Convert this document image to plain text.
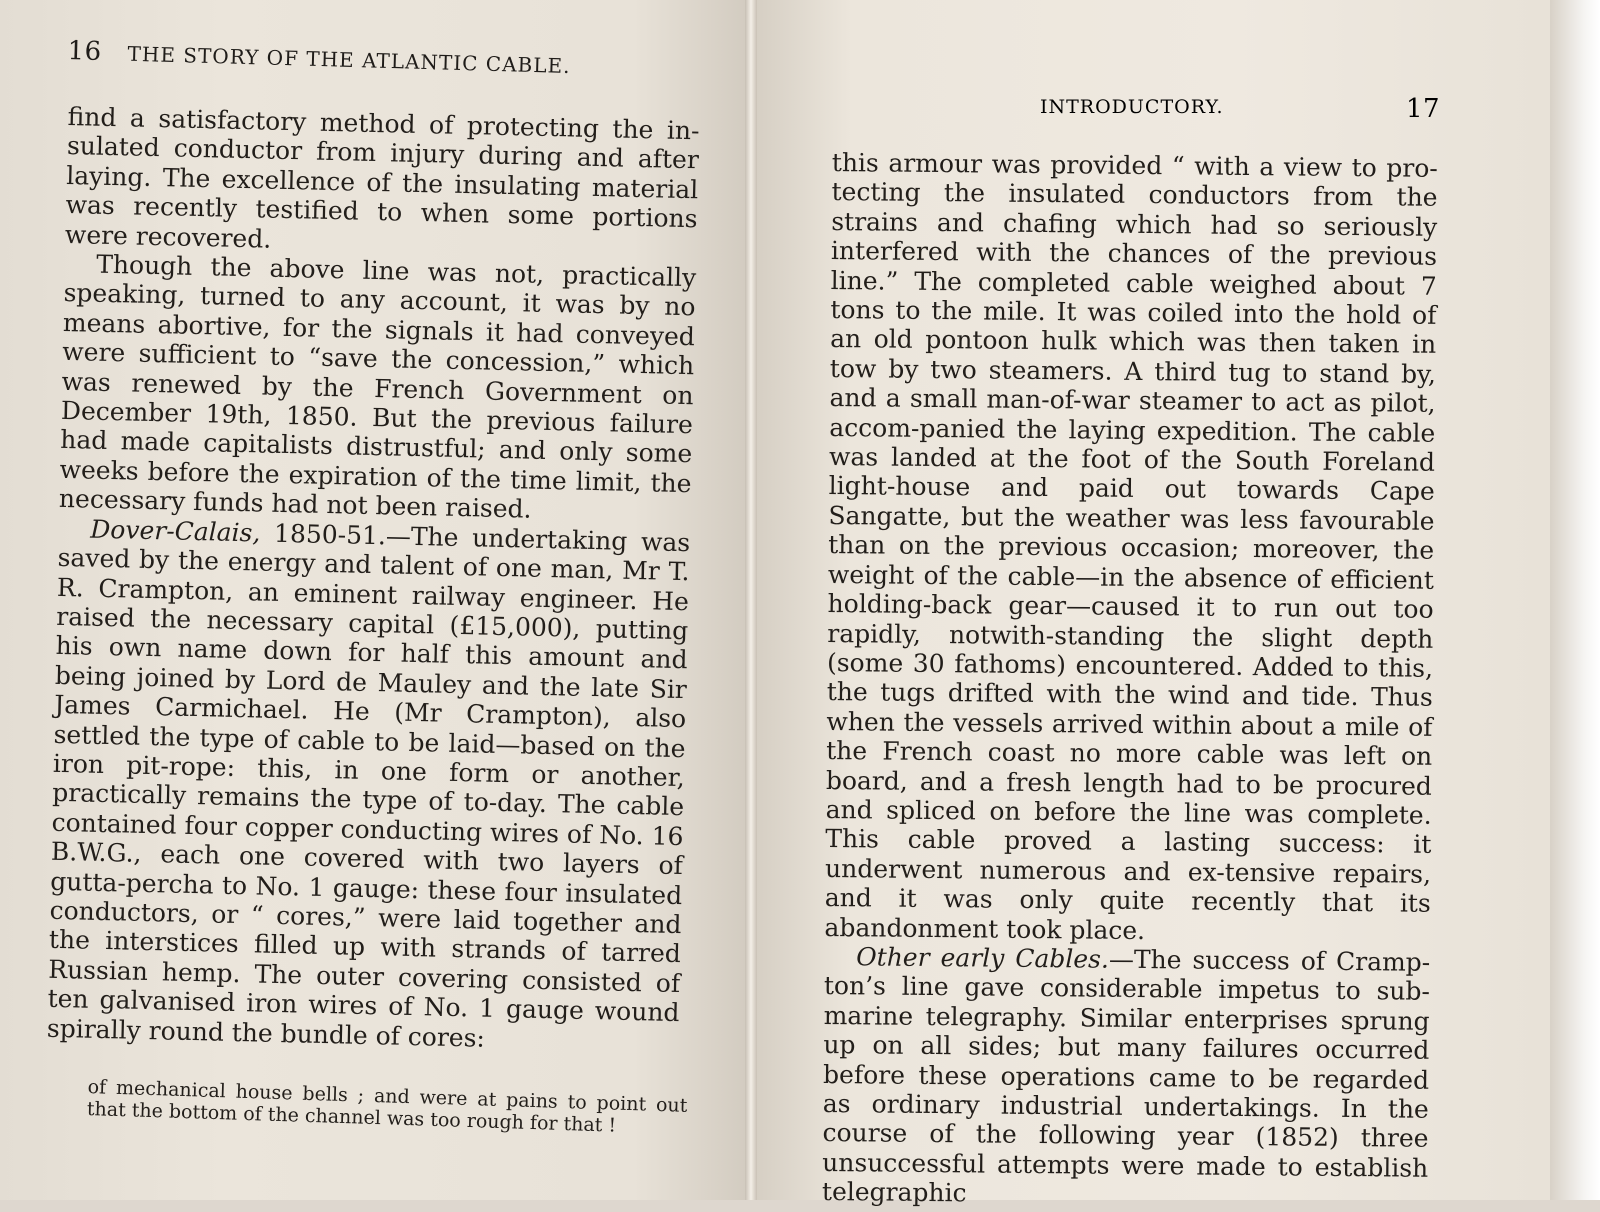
16 THE STORY OF THE ATLANTIC CABLE.

find a satisfactory method of protecting the in-sulated conductor from injury during and after laying. The excellence of the insulating material was recently testified to when some portions were recovered.

Though the above line was not, practically speaking, turned to any account, it was by no means abortive, for the signals it had conveyed were sufficient to “save the concession,” which was renewed by the French Government on December 19th, 1850. But the previous failure had made capitalists distrustful; and only some weeks before the expiration of the time limit, the necessary funds had not been raised.

Dover-Calais, 1850-51.—The undertaking was saved by the energy and talent of one man, Mr T. R. Crampton, an eminent railway engineer. He raised the necessary capital (£15,000), putting his own name down for half this amount and being joined by Lord de Mauley and the late Sir James Carmichael. He (Mr Crampton), also settled the type of cable to be laid—based on the iron pit-rope: this, in one form or another, practically remains the type of to-day. The cable contained four copper conducting wires of No. 16 B.W.G., each one covered with two layers of gutta-percha to No. 1 gauge: these four insulated conductors, or “ cores,” were laid together and the interstices filled up with strands of tarred Russian hemp. The outer covering consisted of ten galvanised iron wires of No. 1 gauge wound spirally round the bundle of cores:

of mechanical house bells ; and were at pains to point out that the bottom of the channel was too rough for that !

INTRODUCTORY.	17

this armour was provided “ with a view to pro-tecting the insulated conductors from the strains and chafing which had so seriously interfered with the chances of the previous line.” The completed cable weighed about 7 tons to the mile. It was coiled into the hold of an old pontoon hulk which was then taken in tow by two steamers. A third tug to stand by, and a small man-of-war steamer to act as pilot, accom-panied the laying expedition. The cable was landed at the foot of the South Foreland light-house and paid out towards Cape Sangatte, but the weather was less favourable than on the previous occasion; moreover, the weight of the cable—in the absence of efficient holding-back gear—caused it to run out too rapidly, notwith-standing the slight depth (some 30 fathoms) encountered. Added to this, the tugs drifted with the wind and tide. Thus when the vessels arrived within about a mile of the French coast no more cable was left on board, and a fresh length had to be procured and spliced on before the line was complete. This cable proved a lasting success: it underwent numerous and ex-tensive repairs, and it was only quite recently that its abandonment took place.

Other early Cables.—The success of Cramp-ton’s line gave considerable impetus to sub-marine telegraphy. Similar enterprises sprung up on all sides; but many failures occurred before these operations came to be regarded as ordinary industrial undertakings. In the course of the following year (1852) three unsuccessful attempts were made to establish telegraphic
